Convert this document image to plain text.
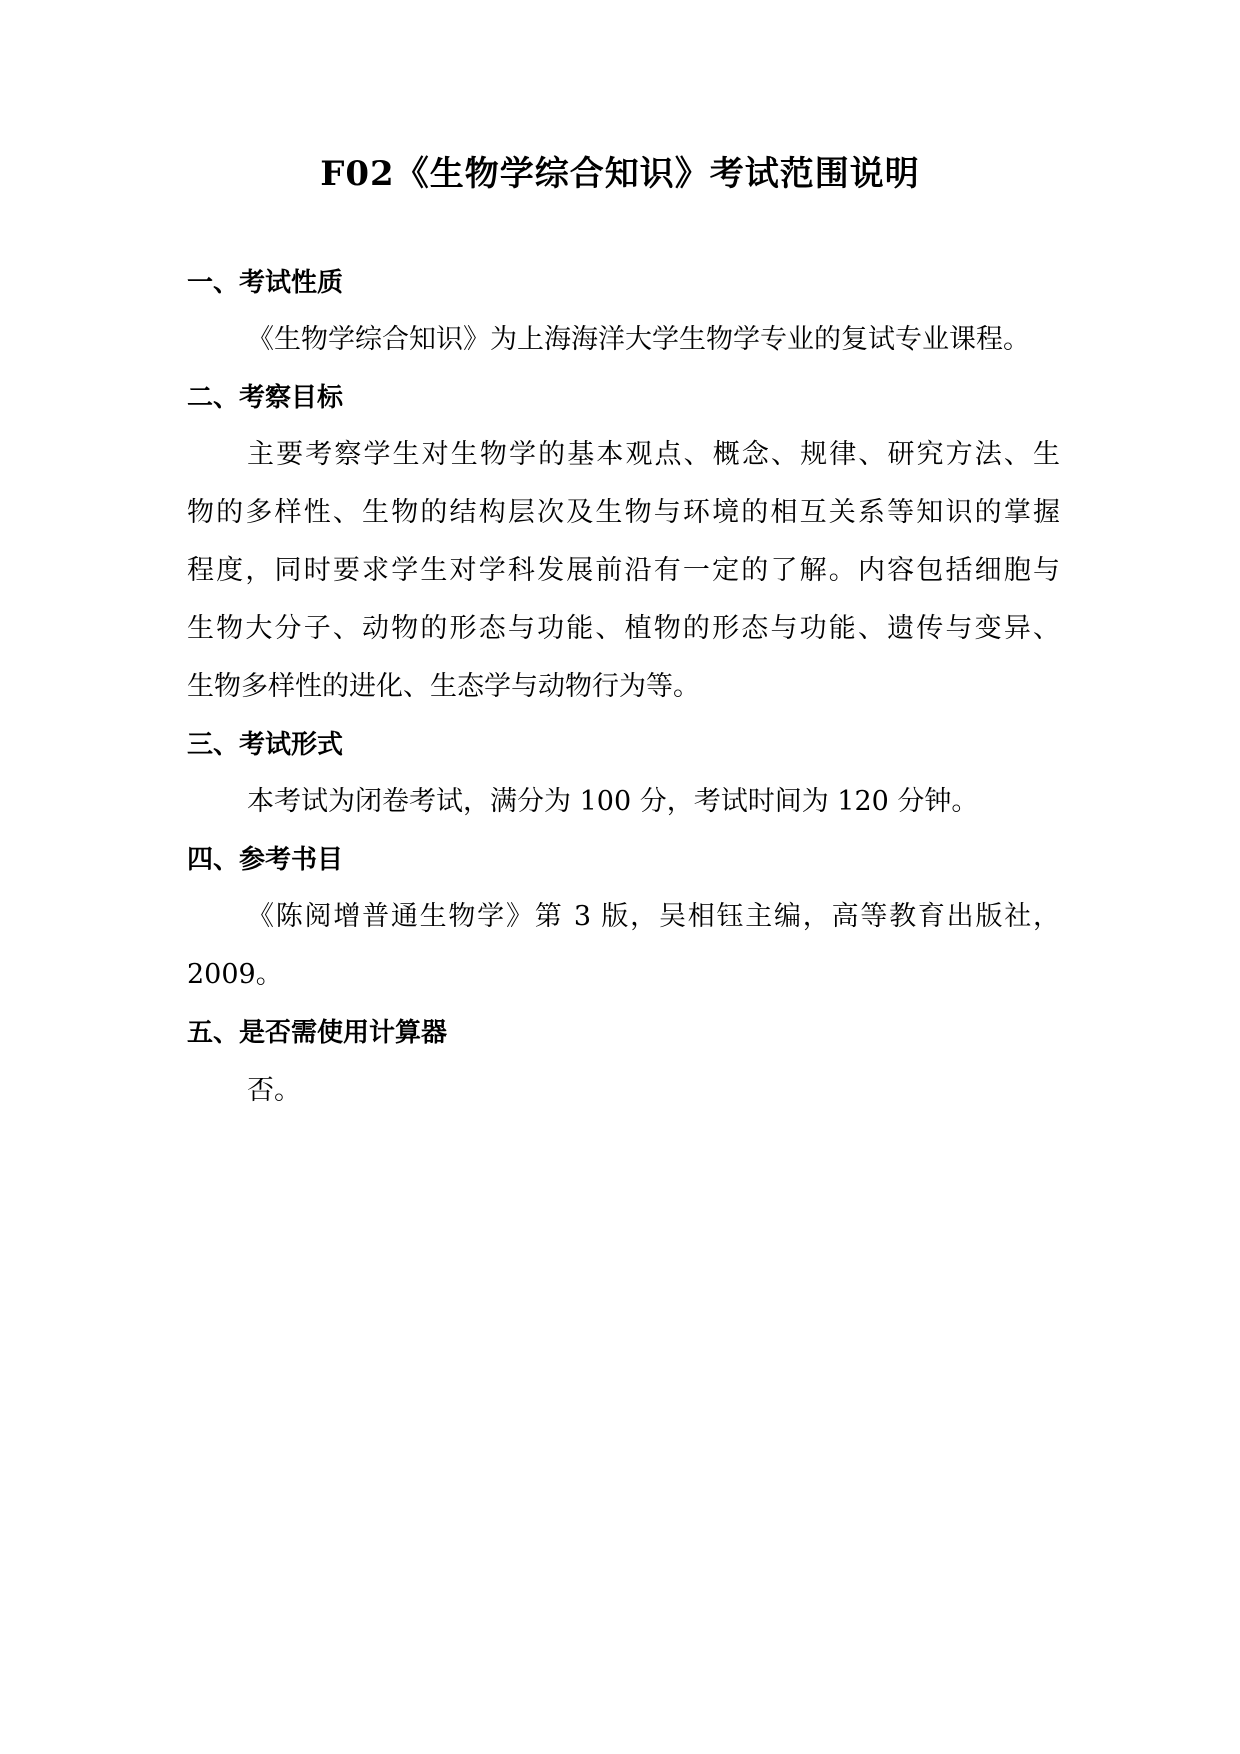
F02《生物学综合知识》考试范围说明
一、考试性质

《生物学综合知识》为上海海洋大学生物学专业的复试专业课程。

二、考察目标

主要考察学生对生物学的基本观点、概念、规律、研究方法、生

物的多样性、生物的结构层次及生物与环境的相互关系等知识的掌握

程度，同时要求学生对学科发展前沿有一定的了解。内容包括细胞与

生物大分子、动物的形态与功能、植物的形态与功能、遗传与变异、

生物多样性的进化、生态学与动物行为等。

三、考试形式

本考试为闭卷考试，满分为 100 分，考试时间为 120 分钟。

四、参考书目

《陈阅增普通生物学》第 3 版，吴相钰主编，高等教育出版社，

2009。

五、是否需使用计算器

否。
